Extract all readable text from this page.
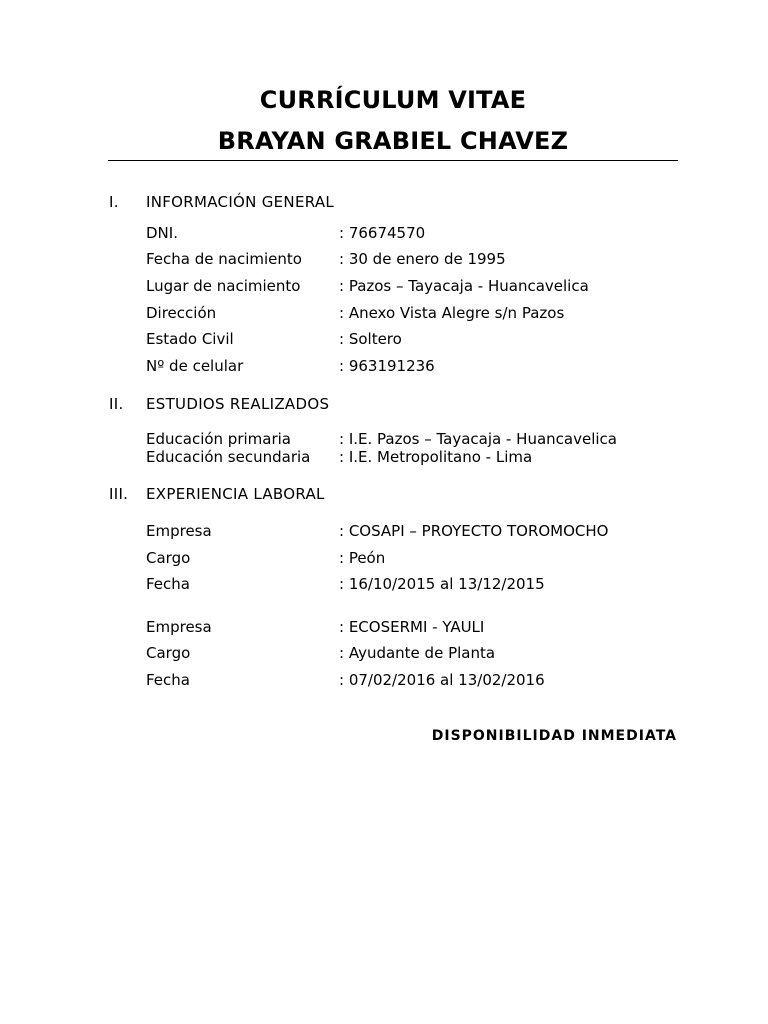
CURRÍCULUM VITAE
BRAYAN GRABIEL CHAVEZ
I. INFORMACIÓN GENERAL
DNI.	: 76674570
Fecha de nacimiento : 30 de enero de 1995
Lugar de nacimiento	: Pazos – Tayacaja - Huancavelica
Dirección	: Anexo Vista Alegre s/n Pazos
Estado Civil	: Soltero
Nº de celular	: 963191236
II. ESTUDIOS REALIZADOS
Educación primaria	: I.E. Pazos – Tayacaja - Huancavelica
Educación secundaria : I.E. Metropolitano - Lima
III. EXPERIENCIA LABORAL
Empresa	: COSAPI – PROYECTO TOROMOCHO
Cargo	: Peón
Fecha	: 16/10/2015 al 13/12/2015
Empresa	: ECOSERMI - YAULI
Cargo	: Ayudante de Planta
Fecha	: 07/02/2016 al 13/02/2016
DISPONIBILIDAD INMEDIATA
